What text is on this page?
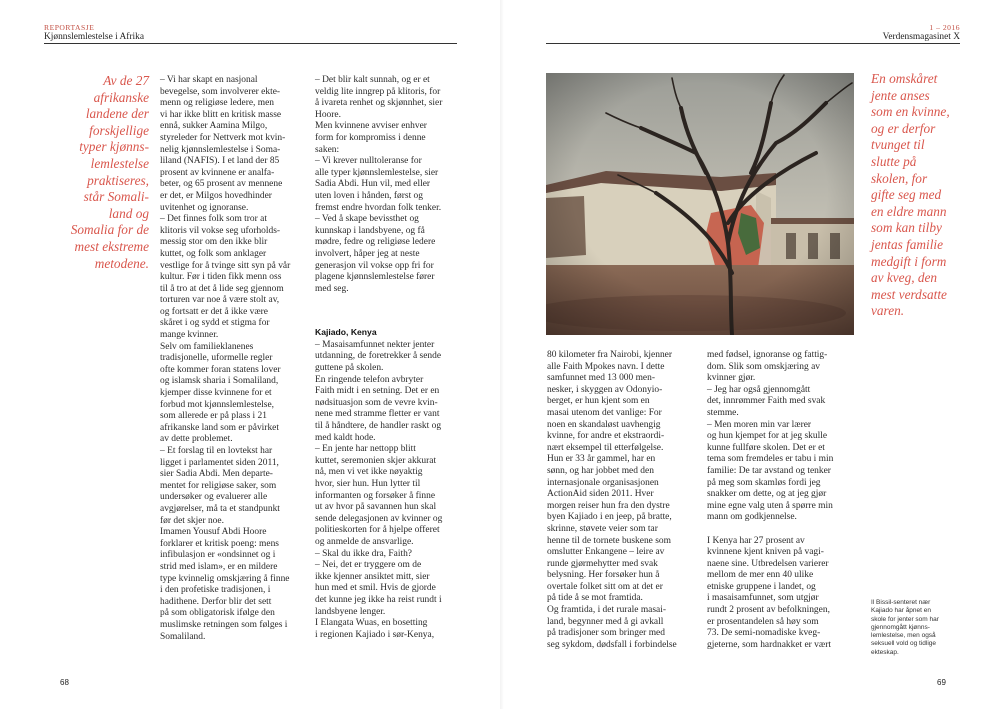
REPORTASJE
Kjønnslemlestelse i Afrika
1 – 2016
Verdensmagasinet X
Av de 27
afrikanske
landene der
forskjellige
typer kjønns-
lemlestelse
praktiseres,
står Somali-
land og
Somalia for de
mest ekstreme
metodene.

– Vi har skapt en nasjonal
bevegelse, som involverer ekte-
menn og religiøse ledere, men
vi har ikke blitt en kritisk masse
ennå, sukker Aamina Milgo,
styreleder for Nettverk mot kvin-
nelig kjønnslemlestelse i Soma-
liland (NAFIS). I et land der 85
prosent av kvinnene er analfa-
beter, og 65 prosent av mennene
er det, er Milgos hovedhinder
uvitenhet og ignoranse.
– Det finnes folk som tror at
klitoris vil vokse seg uforholds-
messig stor om den ikke blir
kuttet, og folk som anklager
vestlige for å tvinge sitt syn på vår
kultur. Før i tiden fikk menn oss
til å tro at det å lide seg gjennom
torturen var noe å være stolt av,
og fortsatt er det å ikke være
skåret i og sydd et stigma for
mange kvinner.
Selv om familieklanenes
tradisjonelle, uformelle regler
ofte kommer foran statens lover
og islamsk sharia i Somaliland,
kjemper disse kvinnene for et
forbud mot kjønnslemlestelse,
som allerede er på plass i 21
afrikanske land som er påvirket
av dette problemet.
– Et forslag til en lovtekst har
ligget i parlamentet siden 2011,
sier Sadia Abdi. Men departe-
mentet for religiøse saker, som
undersøker og evaluerer alle
avgjørelser, må ta et standpunkt
før det skjer noe.
Imamen Yousuf Abdi Hoore
forklarer et kritisk poeng: mens
infibulasjon er «ondsinnet og i
strid med islam», er en mildere
type kvinnelig omskjæring å finne
i den profetiske tradisjonen, i
hadithene. Derfor blir det sett
på som obligatorisk ifølge den
muslimske retningen som følges i
Somaliland.

– Det blir kalt sunnah, og er et
veldig lite inngrep på klitoris, for
å ivareta renhet og skjønnhet, sier
Hoore.
Men kvinnene avviser enhver
form for kompromiss i denne
saken:
– Vi krever nulltoleranse for
alle typer kjønnslemlestelse, sier
Sadia Abdi. Hun vil, med eller
uten loven i hånden, først og
fremst endre hvordan folk tenker.
– Ved å skape bevissthet og
kunnskap i landsbyene, og få
mødre, fedre og religiøse ledere
involvert, håper jeg at neste
generasjon vil vokse opp fri for
plagene kjønnslemlestelse fører
med seg.

Kajiado, Kenya

– Masaisamfunnet nekter jenter
utdanning, de foretrekker å sende
guttene på skolen.
En ringende telefon avbryter
Faith midt i en setning. Det er en
nødsituasjon som de vevre kvin-
nene med stramme fletter er vant
til å håndtere, de handler raskt og
med kaldt hode.
– En jente har nettopp blitt
kuttet, seremonien skjer akkurat
nå, men vi vet ikke nøyaktig
hvor, sier hun. Hun lytter til
informanten og forsøker å finne
ut av hvor på savannen hun skal
sende delegasjonen av kvinner og
politieskorten for å hjelpe offeret
og anmelde de ansvarlige.
– Skal du ikke dra, Faith?
– Nei, det er tryggere om de
ikke kjenner ansiktet mitt, sier
hun med et smil. Hvis de gjorde
det kunne jeg ikke ha reist rundt i
landsbyene lenger.
I Elangata Wuas, en bosetting
i regionen Kajiado i sør-Kenya,

68
En omskåret
jente anses
som en kvinne,
og er derfor
tvunget til
slutte på
skolen, for
gifte seg med
en eldre mann
som kan tilby
jentas familie
medgift i form
av kveg, den
mest verdsatte
varen.

80 kilometer fra Nairobi, kjenner
alle Faith Mpokes navn. I dette
samfunnet med 13 000 men-
nesker, i skyggen av Odonyio-
berget, er hun kjent som en
masai utenom det vanlige: For
noen en skandaløst uavhengig
kvinne, for andre et ekstraordi-
nært eksempel til etterfølgelse.
Hun er 33 år gammel, har en
sønn, og har jobbet med den
internasjonale organisasjonen
ActionAid siden 2011. Hver
morgen reiser hun fra den dystre
byen Kajiado i en jeep, på bratte,
skrinne, støvete veier som tar
henne til de tornete buskene som
omslutter Enkangene – leire av
runde gjørmehytter med svak
belysning. Her forsøker hun å
overtale folket sitt om at det er
på tide å se mot framtida.
Og framtida, i det rurale masai-
land, begynner med å gi avkall
på tradisjoner som bringer med
seg sykdom, dødsfall i forbindelse

med fødsel, ignoranse og fattig-
dom. Slik som omskjæring av
kvinner gjør.
– Jeg har også gjennomgått
det, innrømmer Faith med svak
stemme.
– Men moren min var lærer
og hun kjempet for at jeg skulle
kunne fullføre skolen. Det er et
tema som fremdeles er tabu i min
familie: De tar avstand og tenker
på meg som skamløs fordi jeg
snakker om dette, og at jeg gjør
mine egne valg uten å spørre min
mann om godkjennelse.

I Kenya har 27 prosent av
kvinnene kjent kniven på vagi-
naene sine. Utbredelsen varierer
mellom de mer enn 40 ulike
etniske gruppene i landet, og
i masaisamfunnet, som utgjør
rundt 2 prosent av befolkningen,
er prosentandelen så høy som
73. De semi-nomadiske kveg-
gjeterne, som hardnakket er vært

Il Bissil-senteret nær
Kajiado har åpnet en
skole for jenter som har
gjennomgått kjønns-
lemlestelse, men også
seksuell vold og tidlige
ekteskap.
69
